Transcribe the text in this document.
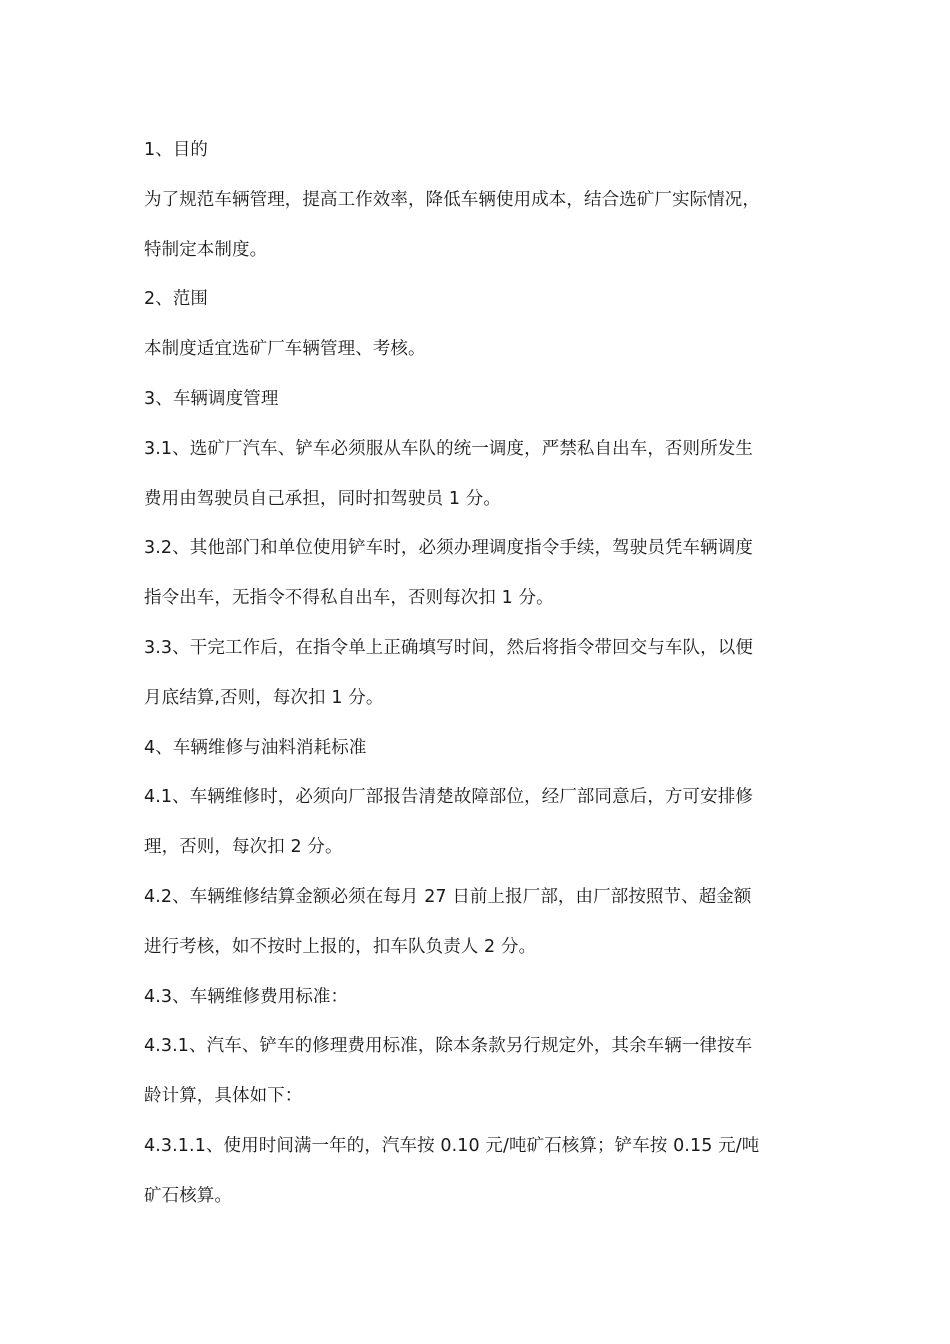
1、目的
为了规范车辆管理，提高工作效率，降低车辆使用成本，结合选矿厂实际情况，
特制定本制度。
2、范围
本制度适宜选矿厂车辆管理、考核。
3、车辆调度管理
3.1、选矿厂汽车、铲车必须服从车队的统一调度，严禁私自出车，否则所发生
费用由驾驶员自己承担，同时扣驾驶员 1 分。
3.2、其他部门和单位使用铲车时，必须办理调度指令手续，驾驶员凭车辆调度
指令出车，无指令不得私自出车，否则每次扣 1 分。
3.3、干完工作后，在指令单上正确填写时间，然后将指令带回交与车队，以便
月底结算,否则，每次扣 1 分。
4、车辆维修与油料消耗标准
4.1、车辆维修时，必须向厂部报告清楚故障部位，经厂部同意后，方可安排修
理，否则，每次扣 2 分。
4.2、车辆维修结算金额必须在每月 27 日前上报厂部，由厂部按照节、超金额
进行考核，如不按时上报的，扣车队负责人 2 分。
4.3、车辆维修费用标准：
4.3.1、汽车、铲车的修理费用标准，除本条款另行规定外，其余车辆一律按车
龄计算，具体如下：
4.3.1.1、使用时间满一年的，汽车按 0.10 元/吨矿石核算；铲车按 0.15 元/吨
矿石核算。
